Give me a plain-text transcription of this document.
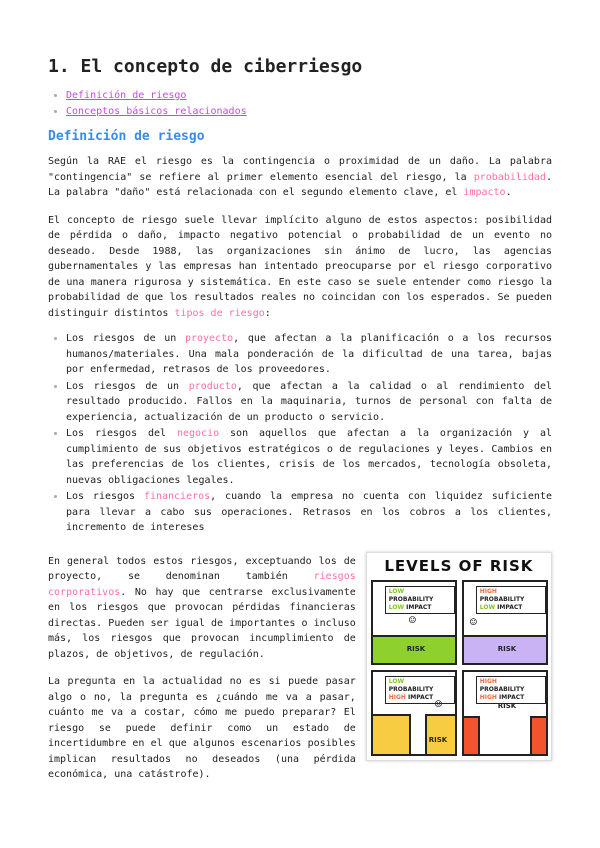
1. El concepto de ciberriesgo
• Definición de riesgo
• Conceptos básicos relacionados
Definición de riesgo

Según la RAE el riesgo es la contingencia o proximidad de un daño. La palabra "contingencia" se refiere al primer elemento esencial del riesgo, la probabilidad. La palabra "daño" está relacionada con el segundo elemento clave, el impacto.

El concepto de riesgo suele llevar implícito alguno de estos aspectos: posibilidad de pérdida o daño, impacto negativo potencial o probabilidad de un evento no deseado. Desde 1988, las organizaciones sin ánimo de lucro, las agencias gubernamentales y las empresas han intentado preocuparse por el riesgo corporativo de una manera rigurosa y sistemática. En este caso se suele entender como riesgo la probabilidad de que los resultados reales no coincidan con los esperados. Se pueden distinguir distintos tipos de riesgo:

• Los riesgos de un proyecto, que afectan a la planificación o a los recursos humanos/materiales. Una mala ponderación de la dificultad de una tarea, bajas por enfermedad, retrasos de los proveedores.
• Los riesgos de un producto, que afectan a la calidad o al rendimiento del resultado producido. Fallos en la maquinaria, turnos de personal con falta de experiencia, actualización de un producto o servicio.
• Los riesgos del negocio son aquellos que afectan a la organización y al cumplimiento de sus objetivos estratégicos o de regulaciones y leyes. Cambios en las preferencias de los clientes, crisis de los mercados, tecnología obsoleta, nuevas obligaciones legales.
• Los riesgos financieros, cuando la empresa no cuenta con liquidez suficiente para llevar a cabo sus operaciones. Retrasos en los cobros a los clientes, incremento de intereses

En general todos estos riesgos, exceptuando los de proyecto, se denominan también riesgos corporativos. No hay que centrarse exclusivamente en los riesgos que provocan pérdidas financieras directas. Pueden ser igual de importantes o incluso más, los riesgos que provocan incumplimiento de plazos, de objetivos, de regulación.

La pregunta en la actualidad no es si puede pasar algo o no, la pregunta es ¿cuándo me va a pasar, cuánto me va a costar, cómo me puedo preparar? El riesgo se puede definir como un estado de incertidumbre en el que algunos escenarios posibles implican resultados no deseados (una pérdida económica, una catástrofe).

LEVELS OF RISK
LOW PROBABILITY
LOW IMPACT
☺
RISK
HIGH PROBABILITY
LOW IMPACT
☺
RISK
LOW PROBABILITY
HIGH IMPACT ☺
RISK
HIGH PROBABILITY
HIGH IMPACT
RISK
